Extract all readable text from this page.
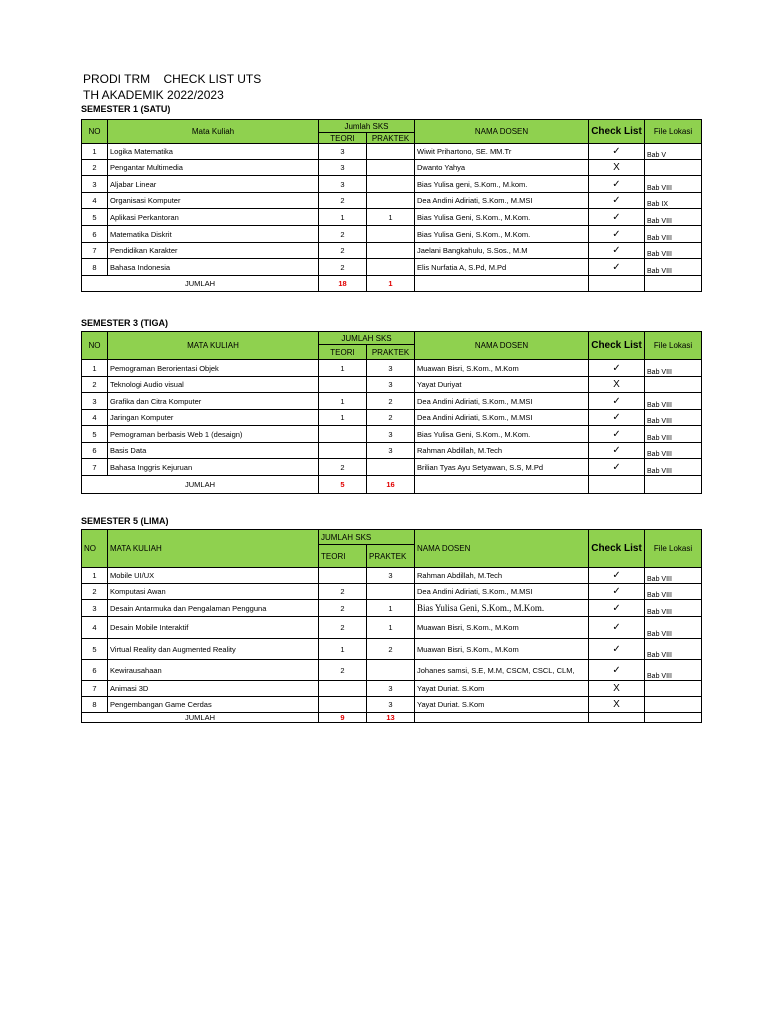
PRODI TRM    CHECK LIST UTS
TH AKADEMIK 2022/2023
SEMESTER 1 (SATU)
NO	Mata Kuliah	Jumlah SKS		NAMA DOSEN	Check List	File Lokasi
		TEORI	PRAKTEK			
1	Logika Matematika	3		Wiwit Prihartono, SE. MM.Tr	✓	Bab V
2	Pengantar Multimedia	3		Dwanto Yahya	X	
3	Aljabar Linear	3		Bias Yulisa geni, S.Kom., M.kom.	✓	Bab VIII
4	Organisasi Komputer	2		Dea Andini Adiriati, S.Kom., M.MSI	✓	Bab IX
5	Aplikasi Perkantoran	1	1	Bias Yulisa Geni, S.Kom., M.Kom.	✓	Bab VIII
6	Matematika Diskrit	2		Bias Yulisa Geni, S.Kom., M.Kom.	✓	Bab VIII
7	Pendidikan Karakter	2		Jaelani Bangkahulu, S.Sos., M.M	✓	Bab VIII
8	Bahasa Indonesia	2		Elis Nurfatia A, S.Pd, M.Pd	✓	Bab VIII
JUMLAH		18	1			
SEMESTER 3 (TIGA)
NO	MATA KULIAH	JUMLAH SKS		NAMA DOSEN	Check List	File Lokasi
		TEORI	PRAKTEK			
1	Pemograman Berorientasi Objek	1	3	Muawan Bisri, S.Kom., M.Kom	✓	Bab VIII
2	Teknologi Audio visual		3	Yayat Duriyat	X	
3	Grafika dan Citra Komputer	1	2	Dea Andini Adiriati, S.Kom., M.MSI	✓	Bab VIII
4	Jaringan Komputer	1	2	Dea Andini Adiriati, S.Kom., M.MSI	✓	Bab VIII
5	Pemograman berbasis Web 1 (desaign)		3	Bias Yulisa Geni, S.Kom., M.Kom.	✓	Bab VIII
6	Basis Data		3	Rahman Abdillah, M.Tech	✓	Bab VIII
7	Bahasa Inggris Kejuruan	2		Brilian Tyas Ayu Setyawan, S.S, M.Pd	✓	Bab VIII
JUMLAH		5	16			
SEMESTER 5 (LIMA)
NO	MATA KULIAH	JUMLAH SKS		NAMA DOSEN	Check List	File Lokasi
		TEORI	PRAKTEK			
1	Mobile UI/UX		3	Rahman Abdillah, M.Tech	✓	Bab VIII
2	Komputasi Awan	2		Dea Andini Adiriati, S.Kom., M.MSI	✓	Bab VIII
3	Desain Antarmuka dan Pengalaman Pengguna	2	1	Bias Yulisa Geni, S.Kom., M.Kom.	✓	Bab VIII
4	Desain Mobile Interaktif	2	1	Muawan Bisri, S.Kom., M.Kom	✓	Bab VIII
5	Virtual Reality dan Augmented Reality	1	2	Muawan Bisri, S.Kom., M.Kom	✓	Bab VIII
6	Kewirausahaan	2		Johanes samsi, S.E, M.M, CSCM, CSCL, CLM,	✓	Bab VIII
7	Animasi 3D		3	Yayat Duriat. S.Kom	X	
8	Pengembangan Game Cerdas		3	Yayat Duriat. S.Kom	X	
JUMLAH		9	13			
